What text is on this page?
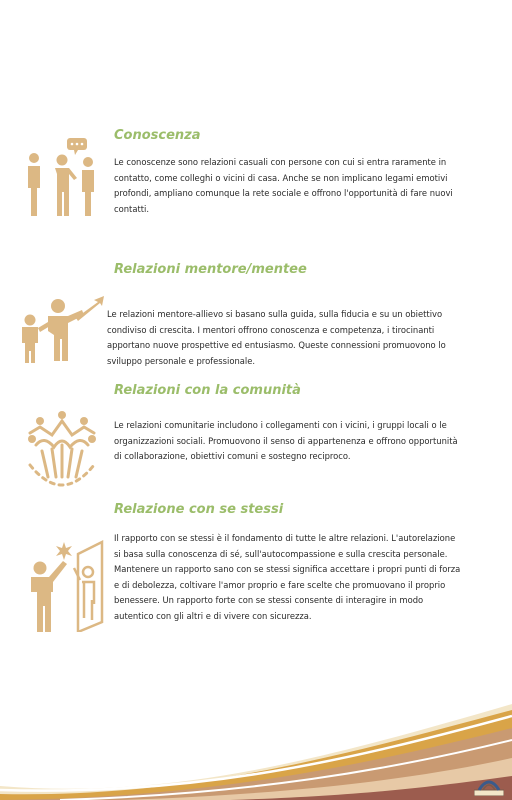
Conoscenza
Le conoscenze sono relazioni casuali con persone con cui si entra raramente in contatto, come colleghi o vicini di casa. Anche se non implicano legami emotivi profondi, ampliano comunque la rete sociale e offrono l'opportunità di fare nuovi contatti.
Relazioni mentore/mentee
Le relazioni mentore-allievo si basano sulla guida, sulla fiducia e su un obiettivo condiviso di crescita. I mentori offrono conoscenza e competenza, i tirocinanti apportano nuove prospettive ed entusiasmo. Queste connessioni promuovono lo sviluppo personale e professionale.
Relazioni con la comunità
Le relazioni comunitarie includono i collegamenti con i vicini, i gruppi locali o le organizzazioni sociali. Promuovono il senso di appartenenza e offrono opportunità di collaborazione, obiettivi comuni e sostegno reciproco.
Relazione con se stessi
Il rapporto con se stessi è il fondamento di tutte le altre relazioni. L'autorelazione si basa sulla conoscenza di sé, sull'autocompassione e sulla crescita personale. Mantenere un rapporto sano con se stessi significa accettare i propri punti di forza e di debolezza, coltivare l'amor proprio e fare scelte che promuovano il proprio benessere. Un rapporto forte con se stessi consente di interagire in modo autentico con gli altri e di vivere con sicurezza.
